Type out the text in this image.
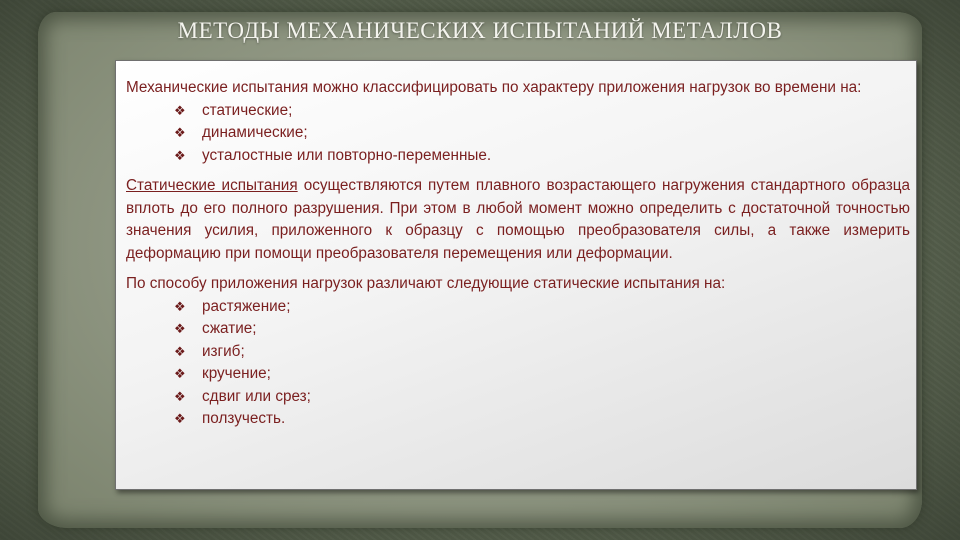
МЕТОДЫ МЕХАНИЧЕСКИХ ИСПЫТАНИЙ МЕТАЛЛОВ

Механические испытания можно классифицировать по характеру приложения нагрузок во времени на:

❖ статические;
❖ динамические;
❖ усталостные или повторно-переменные.

Статические испытания осуществляются путем плавного возрастающего нагружения стандартного образца вплоть до его полного разрушения. При этом в любой момент можно определить с достаточной точностью значения усилия, приложенного к образцу с помощью преобразователя силы, а также измерить деформацию при помощи преобразователя перемещения или деформации.

По способу приложения нагрузок различают следующие статические испытания на:

❖ растяжение;
❖ сжатие;
❖ изгиб;
❖ кручение;
❖ сдвиг или срез;
❖ ползучесть.
